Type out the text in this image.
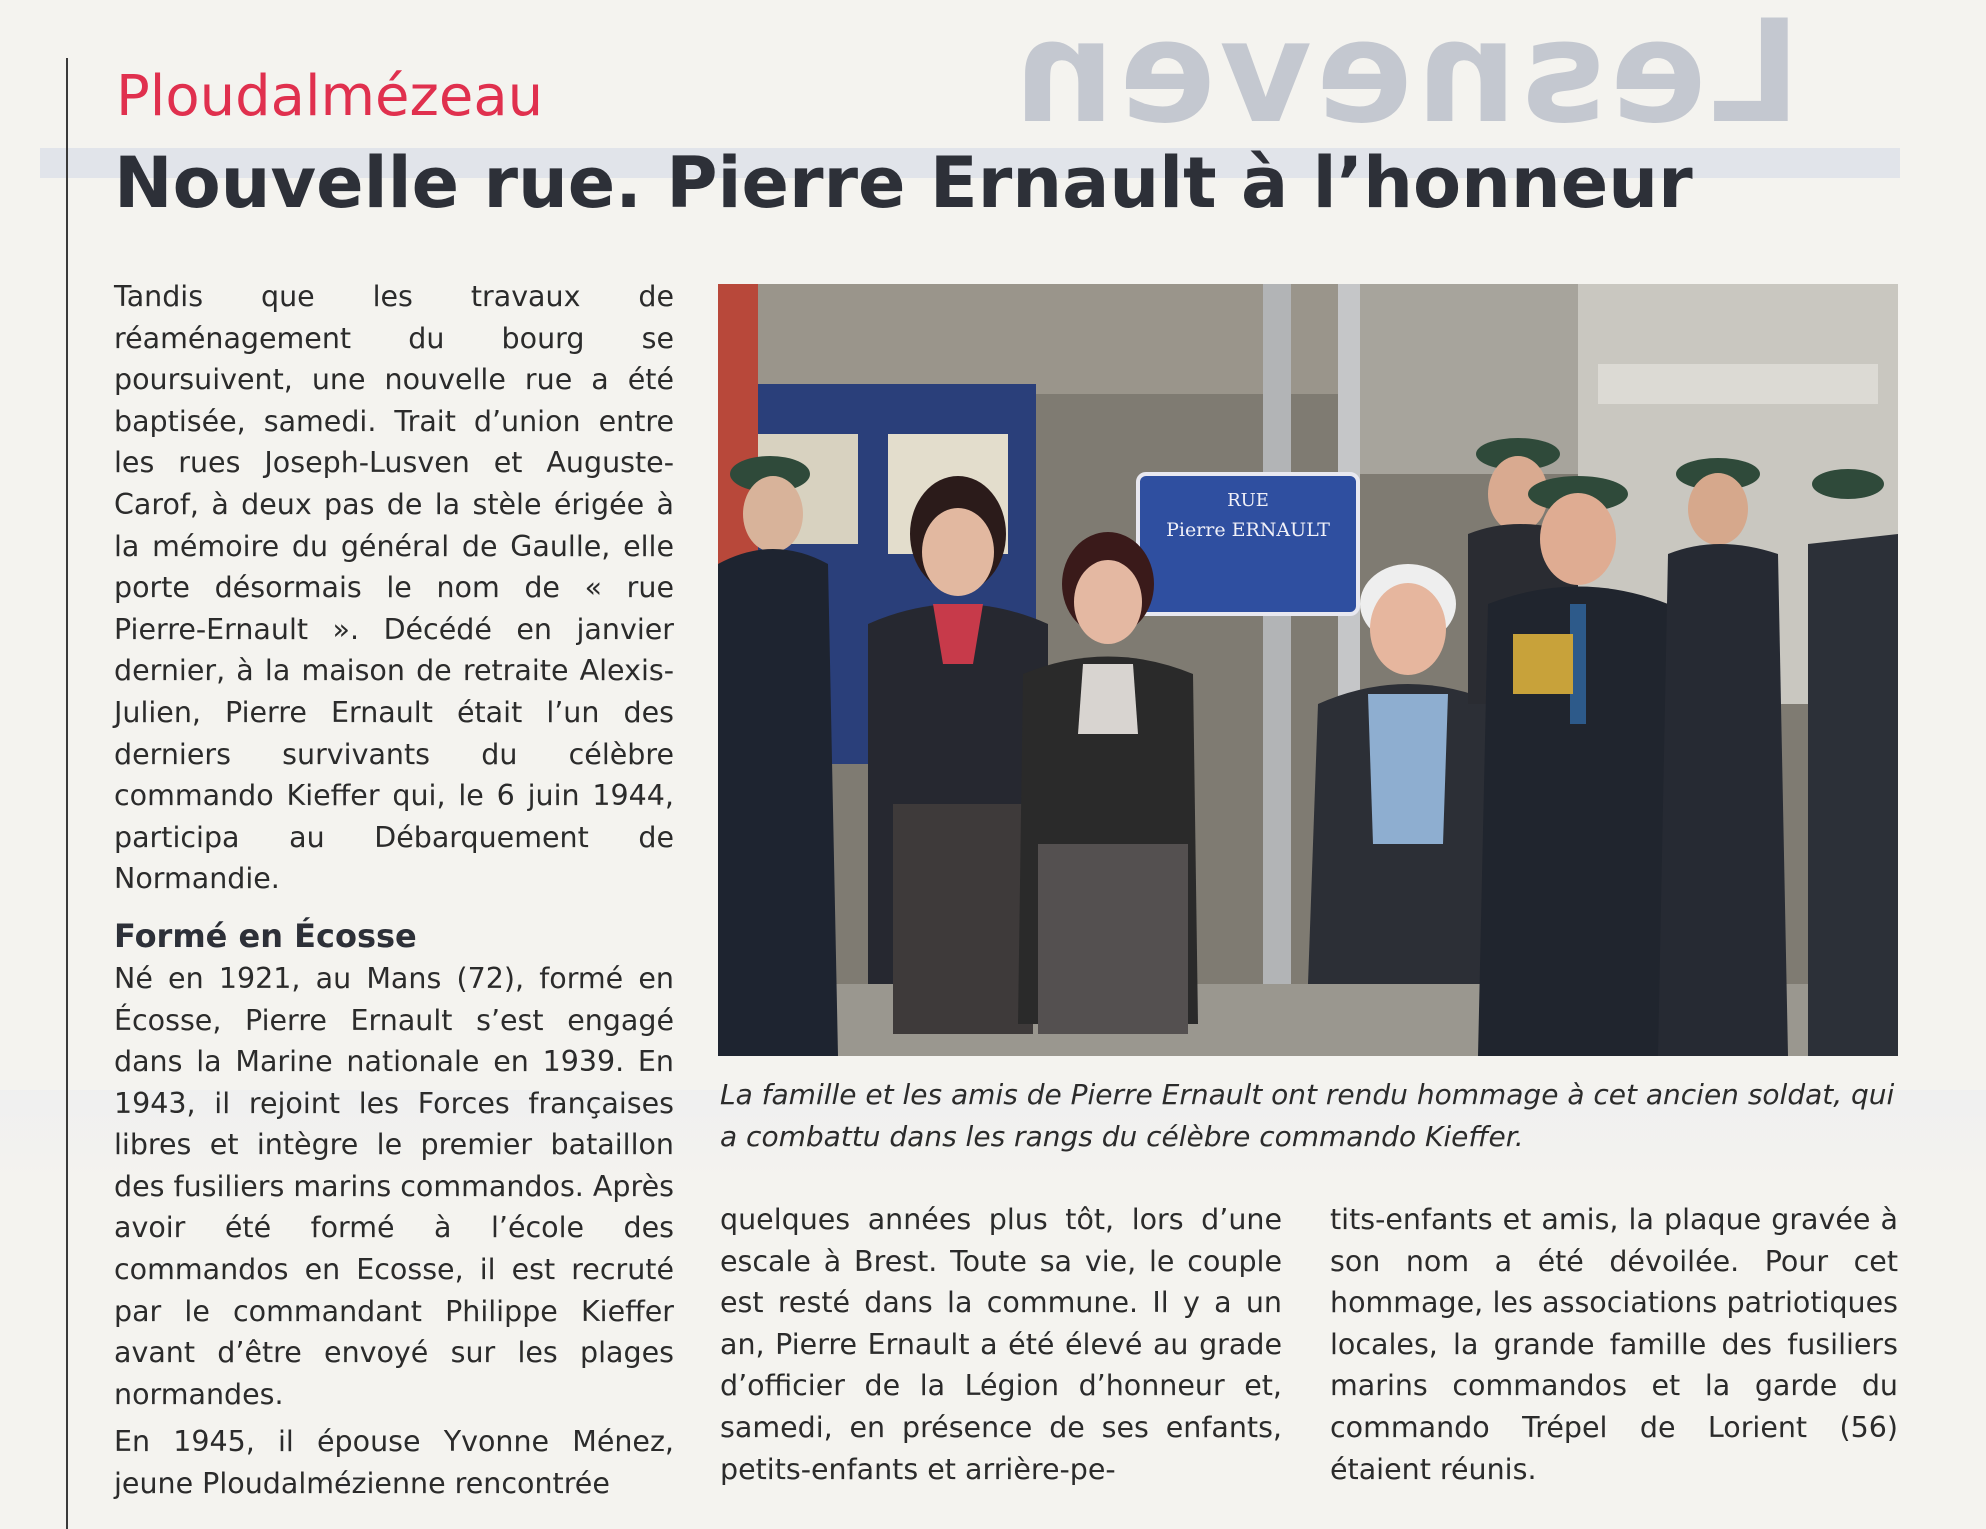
Lesneven
Ploudalmézeau
Nouvelle rue. Pierre Ernault à l’honneur

Tandis que les travaux de réaménagement du bourg se poursuivent, une nouvelle rue a été baptisée, samedi. Trait d’union entre les rues Joseph-Lusven et Auguste-Carof, à deux pas de la stèle érigée à la mémoire du général de Gaulle, elle porte désormais le nom de « rue Pierre-Ernault ». Décédé en janvier dernier, à la maison de retraite Alexis-Julien, Pierre Ernault était l’un des derniers survivants du célèbre commando Kieffer qui, le 6 juin 1944, participa au Débarquement de Normandie.

Formé en Écosse

Né en 1921, au Mans (72), formé en Écosse, Pierre Ernault s’est engagé dans la Marine nationale en 1939. En 1943, il rejoint les Forces françaises libres et intègre le premier bataillon des fusiliers marins commandos. Après avoir été formé à l’école des commandos en Ecosse, il est recruté par le commandant Philippe Kieffer avant d’être envoyé sur les plages normandes.

En 1945, il épouse Yvonne Ménez, jeune Ploudalmézienne rencontrée

RUE
Pierre ERNAULT
La famille et les amis de Pierre Ernault ont rendu hommage à cet ancien soldat, qui a combattu dans les rangs du célèbre commando Kieffer.

quelques années plus tôt, lors d’une escale à Brest. Toute sa vie, le couple est resté dans la commune. Il y a un an, Pierre Ernault a été élevé au grade d’officier de la Légion d’honneur et, samedi, en présence de ses enfants, petits-enfants et arrière-pe-

tits-enfants et amis, la plaque gravée à son nom a été dévoilée. Pour cet hommage, les associations patriotiques locales, la grande famille des fusiliers marins commandos et la garde du commando Trépel de Lorient (56) étaient réunis.
